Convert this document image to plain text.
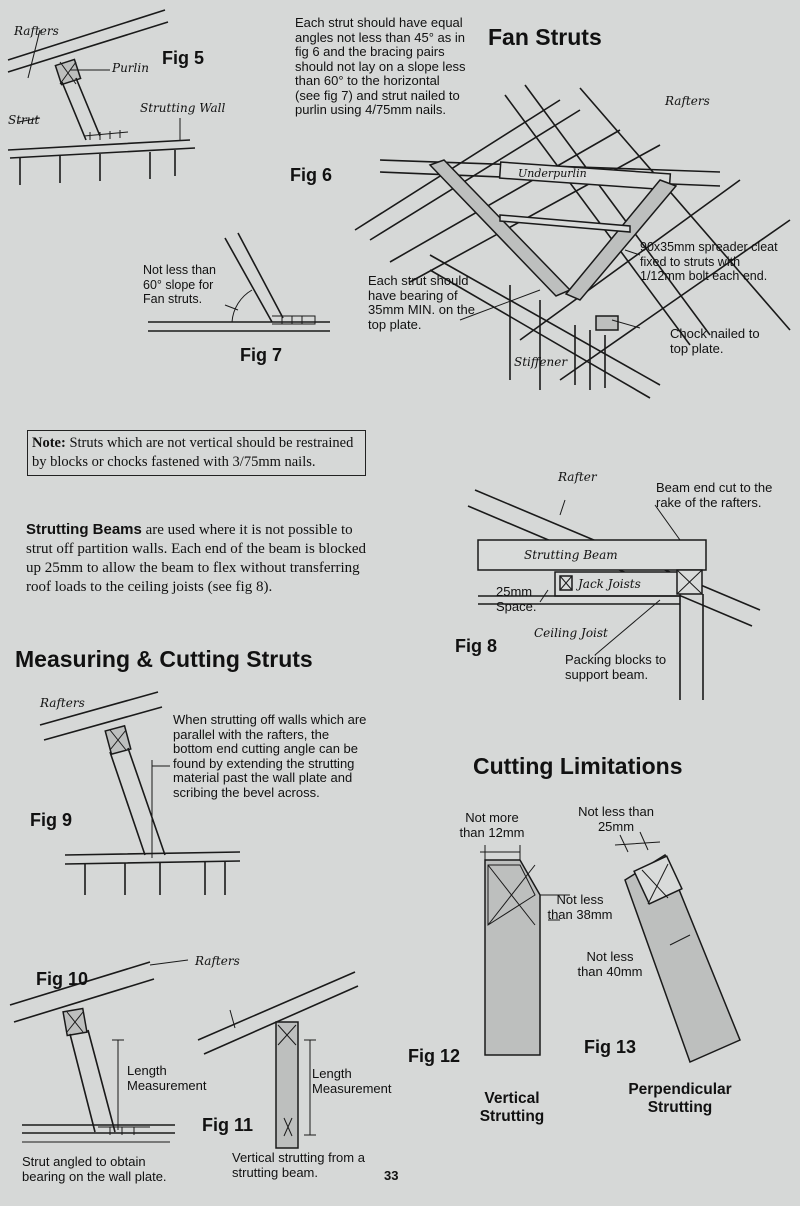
Rafters
Purlin
Strut
Strutting Wall
Fig 5
Each strut should have equal angles not less than 45° as in fig 6 and the bracing pairs should not lay on a slope less than 60° to the horizontal (see fig 7) and strut nailed to purlin using 4/75mm nails.
Fan Struts
Fig 6
Rafters
Underpurlin
90x35mm spreader cleat fixed to struts with 1/12mm bolt each end.
Each strut should have bearing of 35mm MIN. on the top plate.
Chock nailed to top plate.
Stiffener
Not less than 60° slope for Fan struts.
Fig 7
Note: Struts which are not vertical should be restrained by blocks or chocks fastened with 3/75mm nails.
Strutting Beams are used where it is not possible to strut off partition walls. Each end of the beam is blocked up 25mm to allow the beam to flex without transferring roof loads to the ceiling joists (see fig 8).
Rafter
Beam end cut to the rake of the rafters.
Strutting Beam
Jack Joists
25mm Space.
Ceiling Joist
Packing blocks to support beam.
Fig 8
Measuring & Cutting Struts
Rafters
When strutting off walls which are parallel with the rafters, the bottom end cutting angle can be found by extending the strutting material past the wall plate and scribing the bevel across.
Fig 9
Cutting Limitations
Not more than 12mm
Not less than 38mm
Fig 12
Vertical Strutting
Not less than 25mm
Not less than 40mm
Fig 13
Perpendicular Strutting
Fig 10
Rafters
Length Measurement
Strut angled to obtain bearing on the wall plate.
Length Measurement
Fig 11
Vertical strutting from a strutting beam.	33
